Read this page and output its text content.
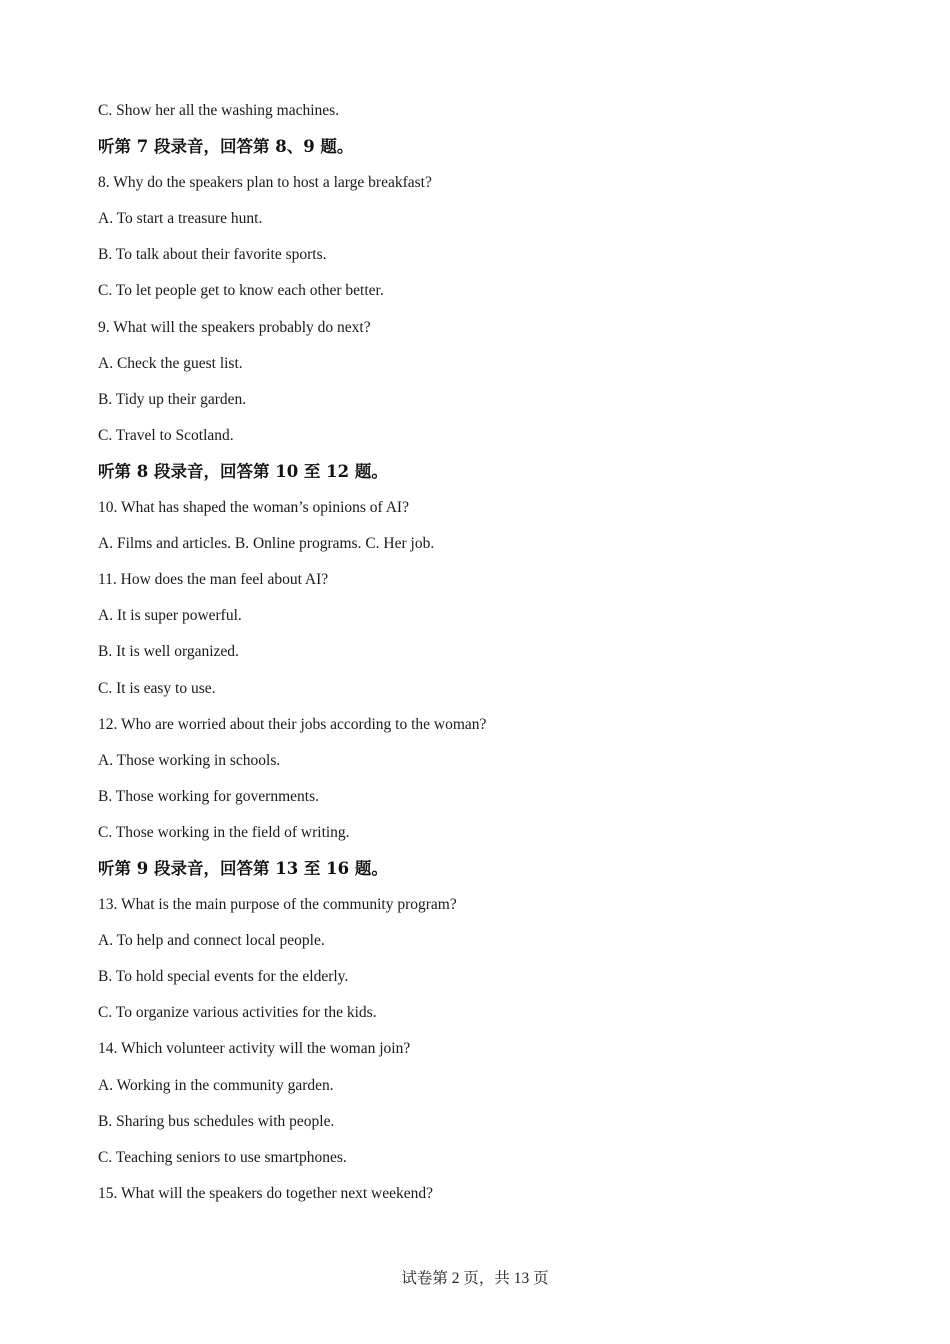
C. Show her all the washing machines.
听第 7 段录音，回答第 8、9 题。
8. Why do the speakers plan to host a large breakfast?
A. To start a treasure hunt.
B. To talk about their favorite sports.
C. To let people get to know each other better.
9. What will the speakers probably do next?
A. Check the guest list.
B. Tidy up their garden.
C. Travel to Scotland.
听第 8 段录音，回答第 10 至 12 题。
10. What has shaped the woman’s opinions of AI?
A. Films and articles. B. Online programs. C. Her job.
11. How does the man feel about AI?
A. It is super powerful.
B. It is well organized.
C. It is easy to use.
12. Who are worried about their jobs according to the woman?
A. Those working in schools.
B. Those working for governments.
C. Those working in the field of writing.
听第 9 段录音，回答第 13 至 16 题。
13. What is the main purpose of the community program?
A. To help and connect local people.
B. To hold special events for the elderly.
C. To organize various activities for the kids.
14. Which volunteer activity will the woman join?
A. Working in the community garden.
B. Sharing bus schedules with people.
C. Teaching seniors to use smartphones.
15. What will the speakers do together next weekend?
试卷第 2 页，共 13 页
